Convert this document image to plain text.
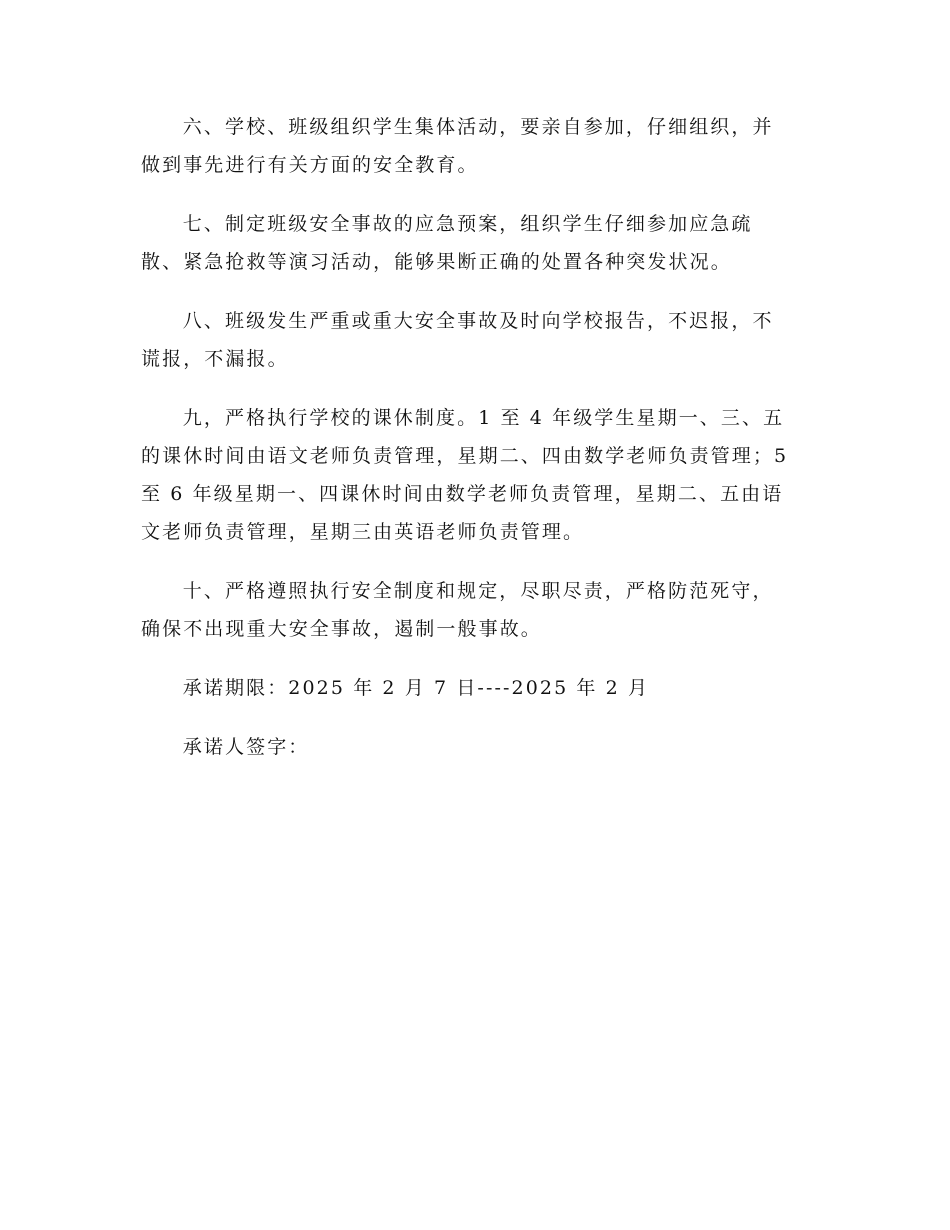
六、学校、班级组织学生集体活动，要亲自参加，仔细组织，并
做到事先进行有关方面的安全教育。

七、制定班级安全事故的应急预案，组织学生仔细参加应急疏
散、紧急抢救等演习活动，能够果断正确的处置各种突发状况。

八、班级发生严重或重大安全事故及时向学校报告，不迟报，不
谎报，不漏报。

九，严格执行学校的课休制度。1 至 4 年级学生星期一、三、五
的课休时间由语文老师负责管理，星期二、四由数学老师负责管理；5
至 6 年级星期一、四课休时间由数学老师负责管理，星期二、五由语
文老师负责管理，星期三由英语老师负责管理。

十、严格遵照执行安全制度和规定，尽职尽责，严格防范死守，
确保不出现重大安全事故，遏制一般事故。

承诺期限：2025 年 2 月 7 日----2025 年 2 月

承诺人签字：
